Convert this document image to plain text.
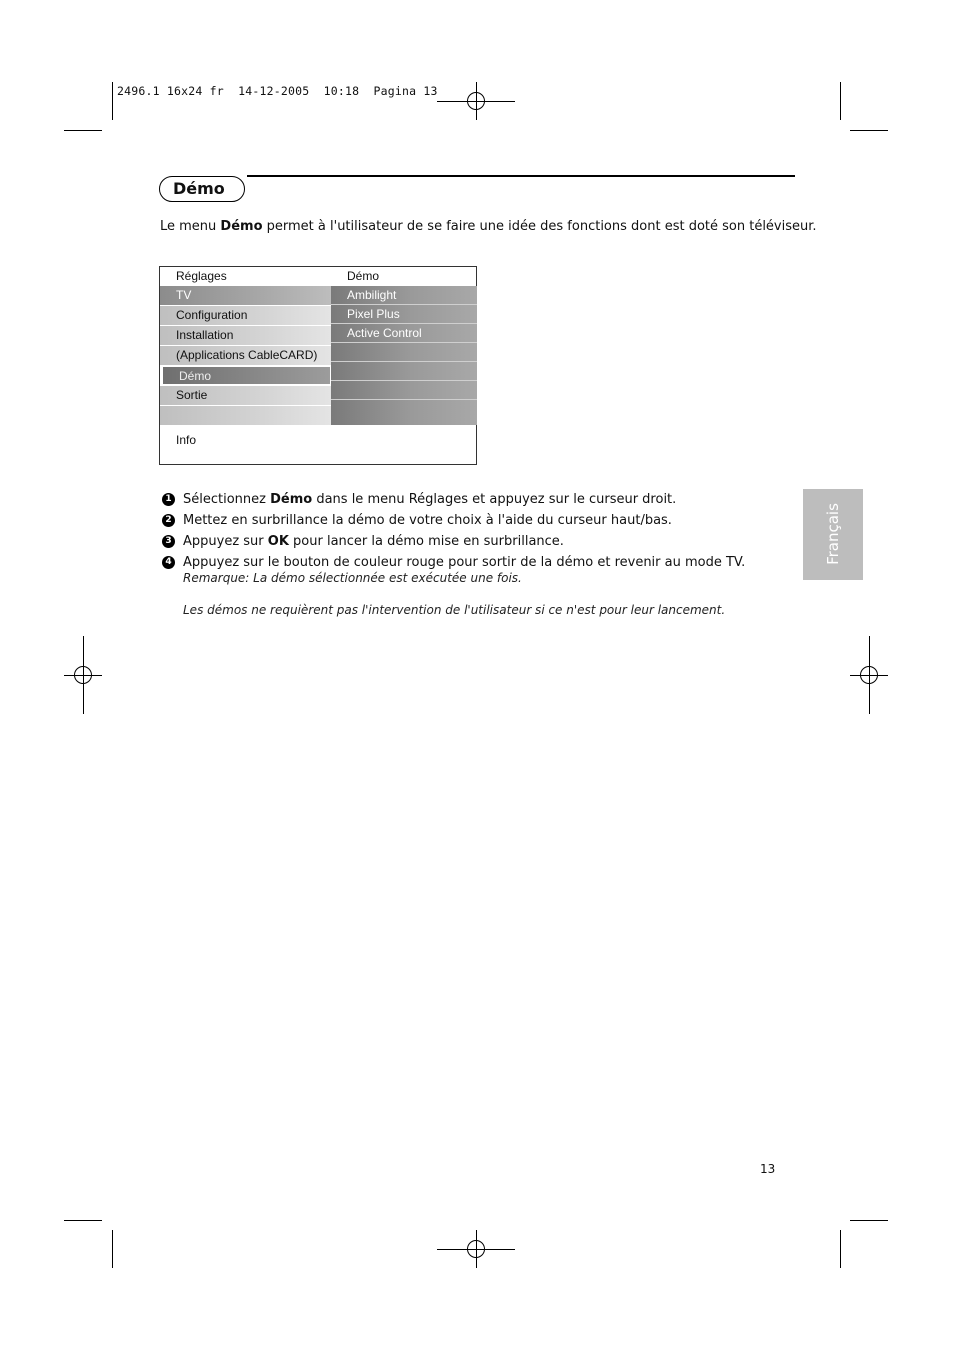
2496.1 16x24 fr  14-12-2005  10:18  Pagina 13
Démo
Le menu Démo permet à l'utilisateur de se faire une idée des fonctions dont est doté son téléviseur.
Réglages	Démo
TV
Configuration
Installation
(Applications CableCARD)
Démo
Sortie
Ambilight
Pixel Plus
Active Control
Info
1 Sélectionnez Démo dans le menu Réglages et appuyez sur le curseur droit.
2 Mettez en surbrillance la démo de votre choix à l'aide du curseur haut/bas.
3 Appuyez sur OK pour lancer la démo mise en surbrillance.
4 Appuyez sur le bouton de couleur rouge pour sortir de la démo et revenir au mode TV.
Remarque: La démo sélectionnée est exécutée une fois.
Les démos ne requièrent pas l'intervention de l'utilisateur si ce n'est pour leur lancement.
Français
13
